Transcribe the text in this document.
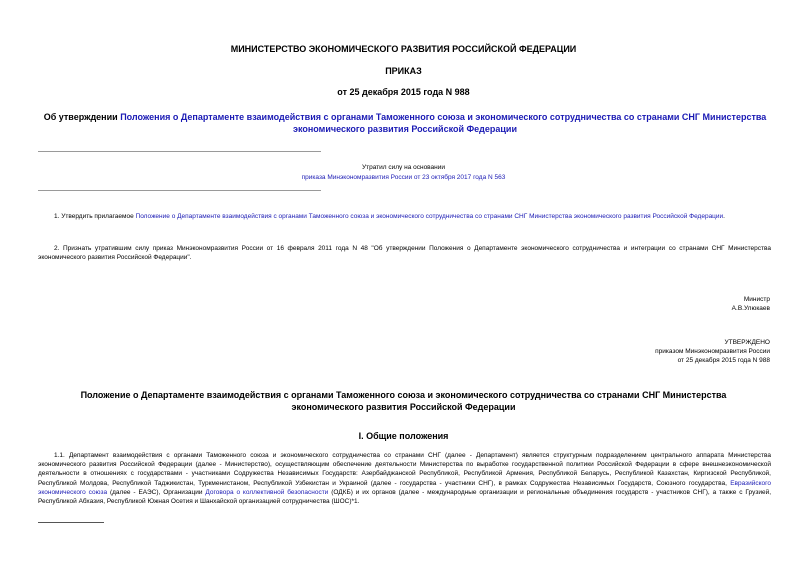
МИНИСТЕРСТВО ЭКОНОМИЧЕСКОГО РАЗВИТИЯ РОССИЙСКОЙ ФЕДЕРАЦИИ
ПРИКАЗ
от 25 декабря 2015 года N 988
Об утверждении Положения о Департаменте взаимодействия с органами Таможенного союза и экономического сотрудничества со странами СНГ Министерства экономического развития Российской Федерации
Утратил силу на основании
приказа Минэкономразвития России от 23 октября 2017 года N 563
1. Утвердить прилагаемое Положение о Департаменте взаимодействия с органами Таможенного союза и экономического сотрудничества со странами СНГ Министерства экономического развития Российской Федерации.
2. Признать утратившим силу приказ Минэкономразвития России от 16 февраля 2011 года N 48 "Об утверждении Положения о Департаменте экономического сотрудничества и интеграции со странами СНГ Министерства экономического развития Российской Федерации".
Министр
А.В.Улюкаев
УТВЕРЖДЕНО
приказом Минэкономразвития России
от 25 декабря 2015 года N 988
Положение о Департаменте взаимодействия с органами Таможенного союза и экономического сотрудничества со странами СНГ Министерства экономического развития Российской Федерации
I. Общие положения
1.1. Департамент взаимодействия с органами Таможенного союза и экономического сотрудничества со странами СНГ (далее - Департамент) является структурным подразделением центрального аппарата Министерства экономического развития Российской Федерации (далее - Министерство), осуществляющим обеспечение деятельности Министерства по выработке государственной политики Российской Федерации в сфере внешнеэкономической деятельности в отношениях с государствами - участниками Содружества Независимых Государств: Азербайджанской Республикой, Республикой Армения, Республикой Беларусь, Республикой Казахстан, Киргизской Республикой, Республикой Молдова, Республикой Таджикистан, Туркменистаном, Республикой Узбекистан и Украиной (далее - государства - участники СНГ), в рамках Содружества Независимых Государств, Союзного государства, Евразийского экономического союза (далее - ЕАЭС), Организации Договора о коллективной безопасности (ОДКБ) и их органов (далее - международные организации и региональные объединения государств - участников СНГ), а также с Грузией, Республикой Абхазия, Республикой Южная Осетия и Шанхайской организацией сотрудничества (ШОС)*1.
